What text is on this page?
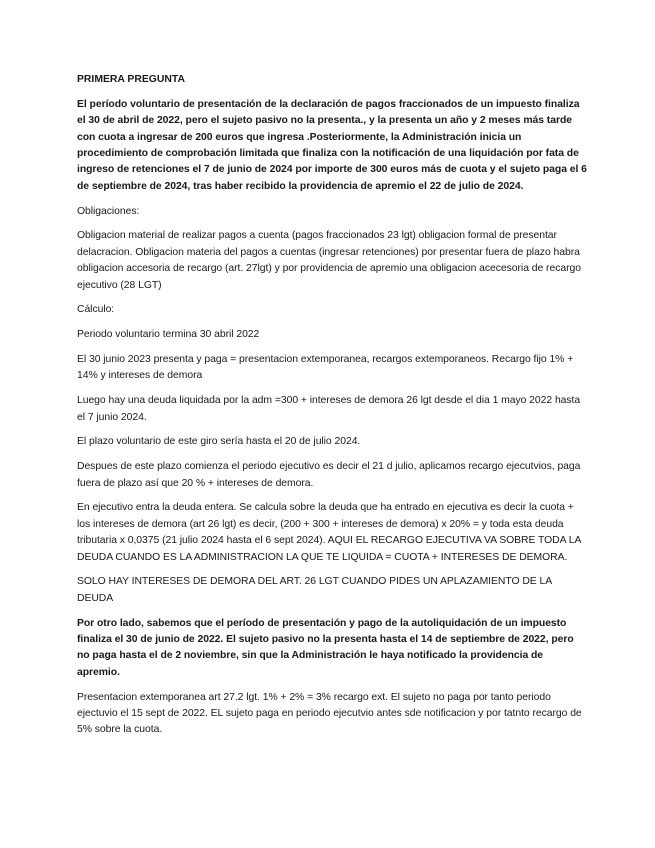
PRIMERA PREGUNTA
El período voluntario de presentación de la declaración de pagos fraccionados de un impuesto finaliza el 30 de abril de 2022, pero el sujeto pasivo no la presenta., y la presenta un año y 2 meses más tarde con cuota a ingresar de 200 euros que ingresa .Posteriormente, la Administración inicia un procedimiento de comprobación limitada que finaliza con la notificación de una liquidación por fata de ingreso de retenciones el 7 de junio de 2024 por importe de 300 euros más de cuota y el sujeto paga el 6 de septiembre de 2024, tras haber recibido la providencia de apremio el 22 de julio de 2024.
Obligaciones:
Obligacion material de realizar pagos a cuenta (pagos fraccionados 23 lgt) obligacion formal de presentar delacracion. Obligacion materia del pagos a cuentas (ingresar retenciones) por presentar fuera de plazo habra obligacion accesoria de recargo (art. 27lgt) y por providencia de apremio una obligacion acecesoria de recargo ejecutivo (28 LGT)
Cálculo:
Periodo voluntario termina 30 abril 2022
El 30 junio 2023 presenta y paga = presentacion extemporanea, recargos extemporaneos. Recargo fijo 1% + 14% y intereses de demora
Luego hay una deuda liquidada por la adm =300 + intereses de demora 26 lgt desde el dia 1 mayo 2022 hasta el 7 junio 2024.
El plazo voluntario de este giro sería hasta el 20 de julio 2024.
Despues de este plazo comienza el periodo ejecutivo es decir el 21 d julio, aplicamos recargo ejecutvios, paga fuera de plazo así que 20 % + intereses de demora.
En ejecutivo entra la deuda entera. Se calcula sobre la deuda que ha entrado en ejecutiva es decir la cuota + los intereses de demora (art 26 lgt) es decir, (200 + 300 + intereses de demora) x 20% = y toda esta deuda tributaria x 0,0375 (21 julio 2024 hasta el 6 sept 2024). AQUI EL RECARGO EJECUTIVA VA SOBRE TODA LA DEUDA CUANDO ES LA ADMINISTRACION LA QUE TE LIQUIDA = CUOTA + INTERESES DE DEMORA.
SOLO HAY INTERESES DE DEMORA DEL ART. 26 LGT CUANDO PIDES UN APLAZAMIENTO DE LA DEUDA
Por otro lado, sabemos que el período de presentación y pago de la autoliquidación de un impuesto finaliza el 30 de junio de 2022. El sujeto pasivo no la presenta hasta el 14 de septiembre de 2022, pero no paga hasta el de 2 noviembre, sin que la Administración le haya notificado la providencia de apremio.
Presentacion extemporanea art 27.2 lgt. 1% + 2% = 3% recargo ext. El sujeto no paga por tanto periodo ejectuvio el 15 sept de 2022. EL sujeto paga en periodo ejecutvio antes sde notificacion y por tatnto recargo de 5% sobre la cuota.
